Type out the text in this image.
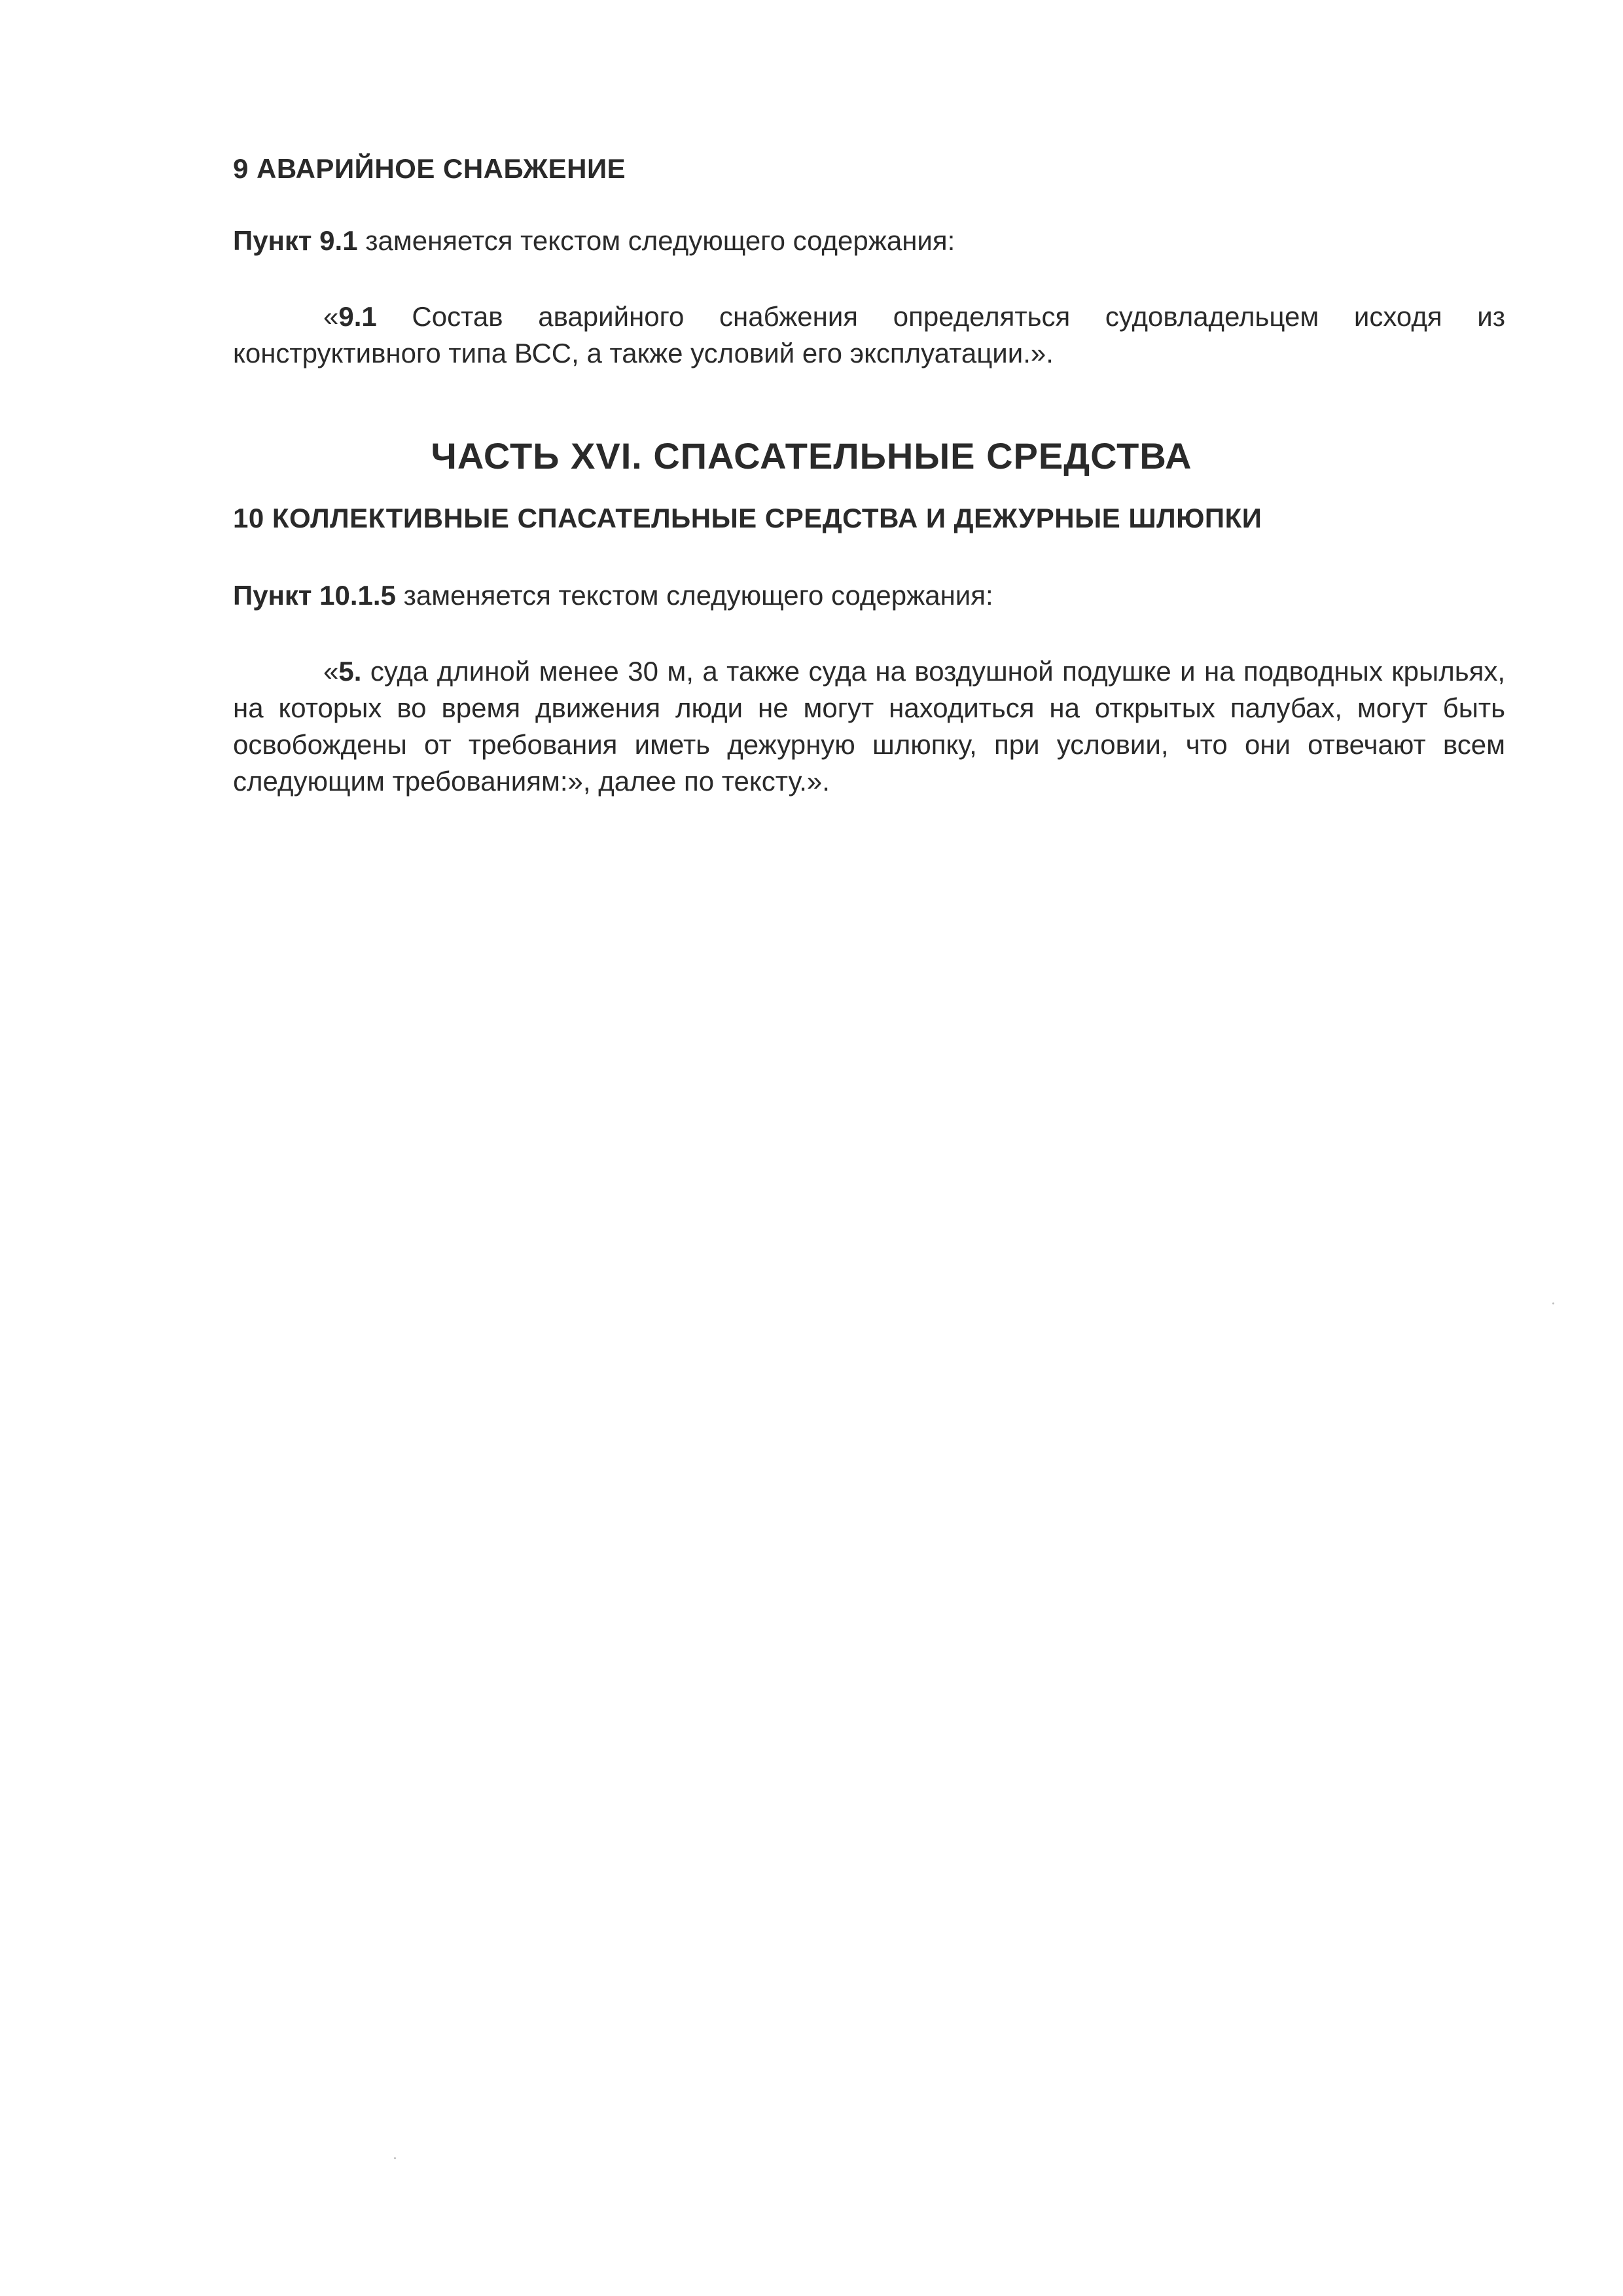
9 АВАРИЙНОЕ СНАБЖЕНИЕ

Пункт 9.1 заменяется текстом следующего содержания:

«9.1 Состав аварийного снабжения определяться судовладельцем исходя из конструктивного типа ВСС, а также условий его эксплуатации.».

ЧАСТЬ XVI. СПАСАТЕЛЬНЫЕ СРЕДСТВА
10 КОЛЛЕКТИВНЫЕ СПАСАТЕЛЬНЫЕ СРЕДСТВА И ДЕЖУРНЫЕ ШЛЮПКИ

Пункт 10.1.5 заменяется текстом следующего содержания:

«5. суда длиной менее 30 м, а также суда на воздушной подушке и на подводных крыльях, на которых во время движения люди не могут находиться на открытых палубах, могут быть освобождены от требования иметь дежурную шлюпку, при условии, что они отвечают всем следующим требованиям:», далее по тексту.».
